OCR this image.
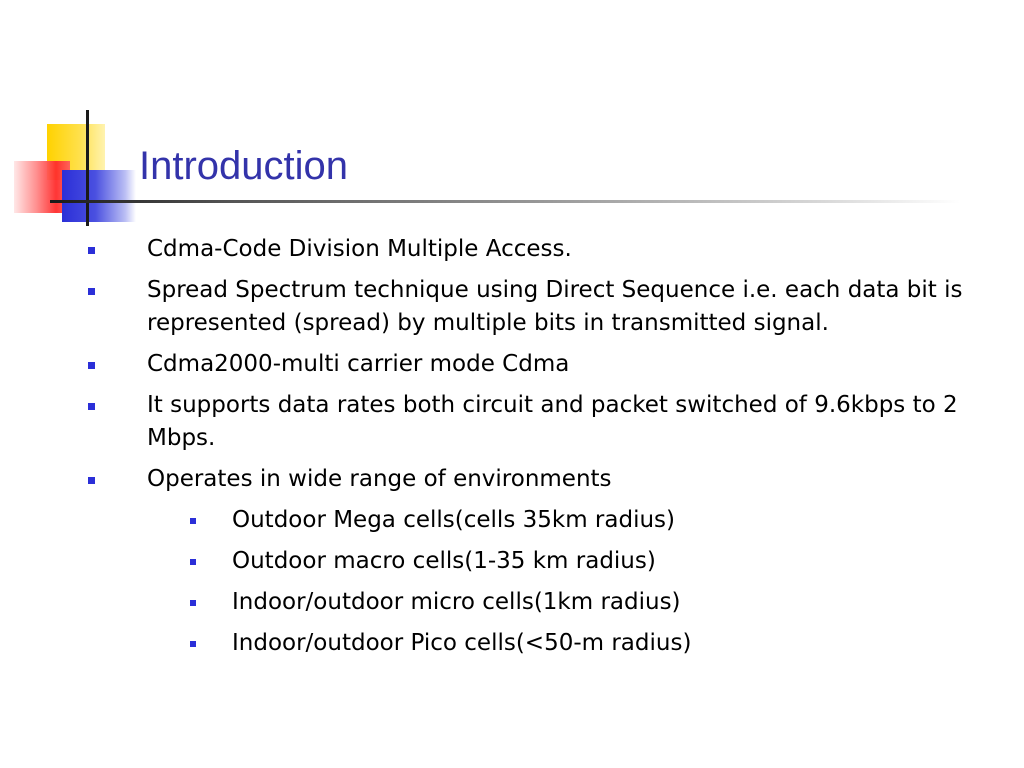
Introduction
Cdma-Code Division Multiple Access.
Spread Spectrum technique using Direct Sequence i.e. each data bit is represented (spread) by multiple bits in transmitted signal.
Cdma2000-multi carrier mode Cdma
It supports data rates both circuit and packet switched of 9.6kbps to 2 Mbps.
Operates in wide range of environments
Outdoor Mega cells(cells 35km radius)
Outdoor macro cells(1-35 km radius)
Indoor/outdoor micro cells(1km radius)
Indoor/outdoor Pico cells(<50-m radius)
